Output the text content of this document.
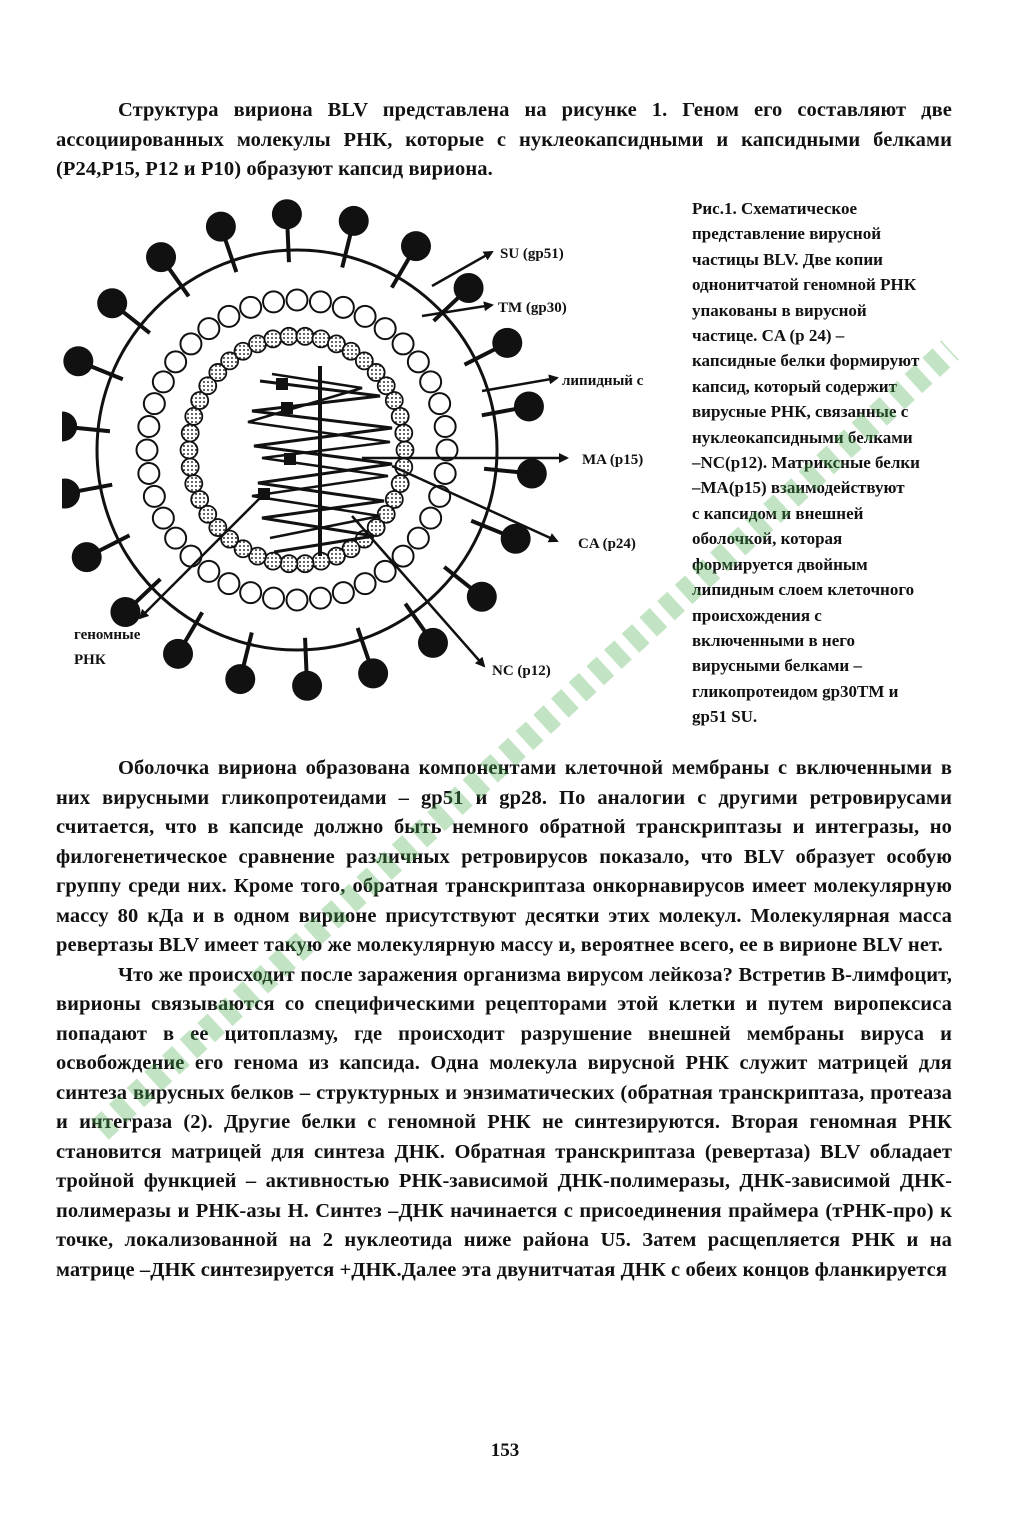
Структура вириона BLV представлена на рисунке 1. Геном его составляют две ассоциированных молекулы РНК, которые с нуклеокапсидными и капсидными белками (Р24,Р15, Р12 и Р10) образуют капсид вириона.

SU (gp51)
TM (gp30)
липидный с
MA (p15)
CA (p24)
NC (p12)
геномные
РНК
Рис.1. Схематическое
представление вирусной
частицы BLV. Две копии
однонитчатой геномной РНК
упакованы в вирусной
частице. CA (p 24) –
капсидные белки формируют
капсид, который содержит
вирусные РНК, связанные с
нуклеокапсидными белками
–NC(p12). Матриксные белки
–MA(p15) взаимодействуют
с капсидом и внешней
оболочкой, которая
формируется двойным
липидным слоем клеточного
происхождения с
включенными в него
вирусными белками –
гликопротеидом gp30TM и
gp51 SU.

Оболочка вириона образована компонентами клеточной мембраны с включенными в них вирусными гликопротеидами – gp51 и gp28. По аналогии с другими ретровирусами считается, что в капсиде должно быть немного обратной транскриптазы и интегразы, но филогенетическое сравнение различных ретровирусов показало, что BLV образует особую группу среди них. Кроме того, обратная транскриптаза онкорнавирусов имеет молекулярную массу 80 кДа и в одном вирионе присутствуют десятки этих молекул. Молекулярная масса ревертазы BLV имеет такую же молекулярную массу и, вероятнее всего, ее в вирионе BLV нет.

Что же происходит после заражения организма вирусом лейкоза? Встретив В-лимфоцит, вирионы связываются со специфическими рецепторами этой клетки и путем виропексиса попадают в ее цитоплазму, где происходит разрушение внешней мембраны вируса и освобождение его генома из капсида. Одна молекула вирусной РНК служит матрицей для синтеза вирусных белков – структурных и энзиматических (обратная транскриптаза, протеаза и интеграза (2). Другие белки с геномной РНК не синтезируются. Вторая геномная РНК становится матрицей для синтеза ДНК. Обратная транскриптаза (ревертаза) BLV обладает тройной функцией – активностью РНК-зависимой ДНК-полимеразы, ДНК-зависимой ДНК-полимеразы и РНК-азы Н. Синтез –ДНК начинается с присоединения праймера (тРНК-про) к точке, локализованной на 2 нуклеотида ниже района U5. Затем расщепляется РНК и на матрице –ДНК синтезируется +ДНК.Далее эта двунитчатая ДНК с обеих концов фланкируется

153
